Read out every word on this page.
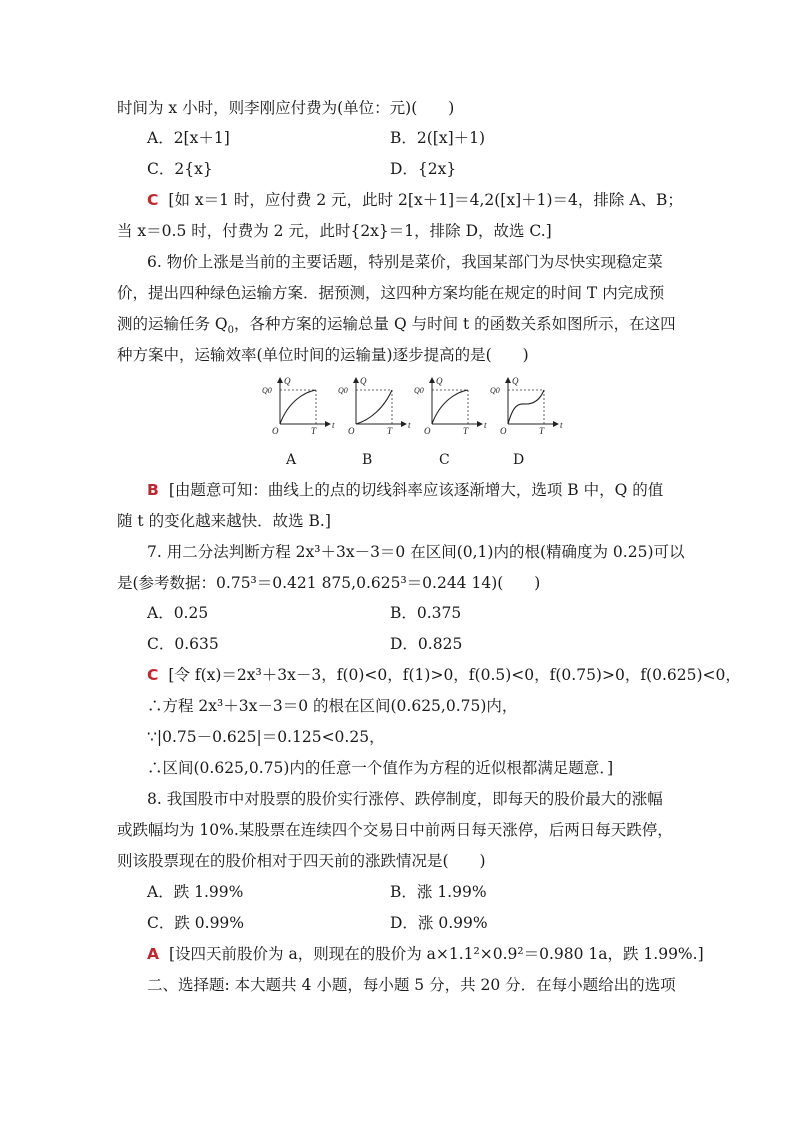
时间为 x 小时，则李刚应付费为(单位：元)(　　)
A．2[x＋1]	B．2([x]＋1)
C．2{x}	D．{2x}
C [如 x＝1 时，应付费 2 元，此时 2[x＋1]＝4,2([x]＋1)＝4，排除 A、B；
当 x＝0.5 时，付费为 2 元，此时{2x}＝1，排除 D，故选 C.]
6. 物价上涨是当前的主要话题，特别是菜价，我国某部门为尽快实现稳定菜
价，提出四种绿色运输方案．据预测，这四种方案均能在规定的时间 T 内完成预
测的运输任务 $Q_0$，各种方案的运输总量 Q 与时间 t 的函数关系如图所示，在这四
种方案中，运输效率(单位时间的运输量)逐步提高的是(　　)
O	T
t
Q
Q0
O	T
t
Q
Q0
O	T
t
Q
Q0
O	T
t
Q
Q0
A	B	C	D
B [由题意可知：曲线上的点的切线斜率应该逐渐增大，选项 B 中，Q 的值
随 t 的变化越来越快．故选 B.]
7. 用二分法判断方程 2x³＋3x－3＝0 在区间(0,1)内的根(精确度为 0.25)可以
是(参考数据：0.75³＝0.421 875,0.625³＝0.244 14)(　　)
A．0.25	B．0.375
C．0.635	D．0.825
C [令 f(x)＝2x³＋3x－3，f(0)<0，f(1)>0，f(0.5)<0，f(0.75)>0，f(0.625)<0，
∴方程 2x³＋3x－3＝0 的根在区间(0.625,0.75)内，
∵|0.75－0.625|＝0.125<0.25，
∴区间(0.625,0.75)内的任意一个值作为方程的近似根都满足题意．]
8. 我国股市中对股票的股价实行涨停、跌停制度，即每天的股价最大的涨幅
或跌幅均为 10%.某股票在连续四个交易日中前两日每天涨停，后两日每天跌停，
则该股票现在的股价相对于四天前的涨跌情况是(　　)
A．跌 1.99%	B．涨 1.99%
C．跌 0.99%	D．涨 0.99%
A [设四天前股价为 a，则现在的股价为 a×1.1²×0.9²＝0.980 1a，跌 1.99%.]
二、选择题: 本大题共 4 小题，每小题 5 分，共 20 分．在每小题给出的选项
